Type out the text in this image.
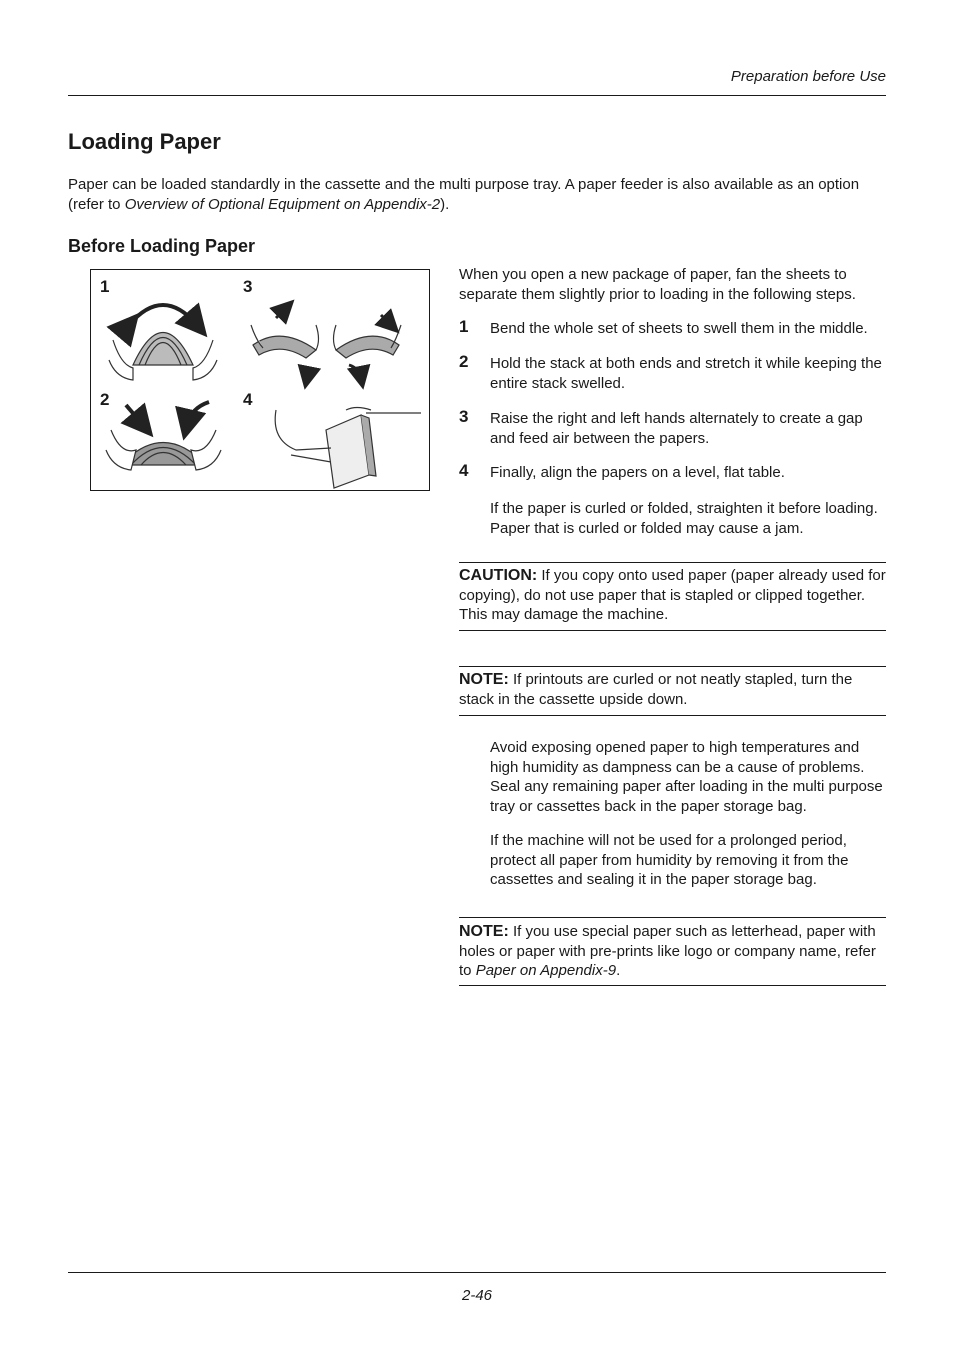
Preparation before Use
Loading Paper
Paper can be loaded standardly in the cassette and the multi purpose tray. A paper feeder is also available as an option (refer to Overview of Optional Equipment on Appendix-2).
Before Loading Paper
1	3
2	4
When you open a new package of paper, fan the sheets to separate them slightly prior to loading in the following steps.
1 Bend the whole set of sheets to swell them in the middle.
2 Hold the stack at both ends and stretch it while keeping the entire stack swelled.
3 Raise the right and left hands alternately to create a gap and feed air between the papers.
4 Finally, align the papers on a level, flat table.
If the paper is curled or folded, straighten it before loading. Paper that is curled or folded may cause a jam.
CAUTION: If you copy onto used paper (paper already used for copying), do not use paper that is stapled or clipped together. This may damage the machine.
NOTE: If printouts are curled or not neatly stapled, turn the stack in the cassette upside down.
Avoid exposing opened paper to high temperatures and high humidity as dampness can be a cause of problems. Seal any remaining paper after loading in the multi purpose tray or cassettes back in the paper storage bag.
If the machine will not be used for a prolonged period, protect all paper from humidity by removing it from the cassettes and sealing it in the paper storage bag.
NOTE: If you use special paper such as letterhead, paper with holes or paper with pre-prints like logo or company name, refer to Paper on Appendix-9.
2-46
